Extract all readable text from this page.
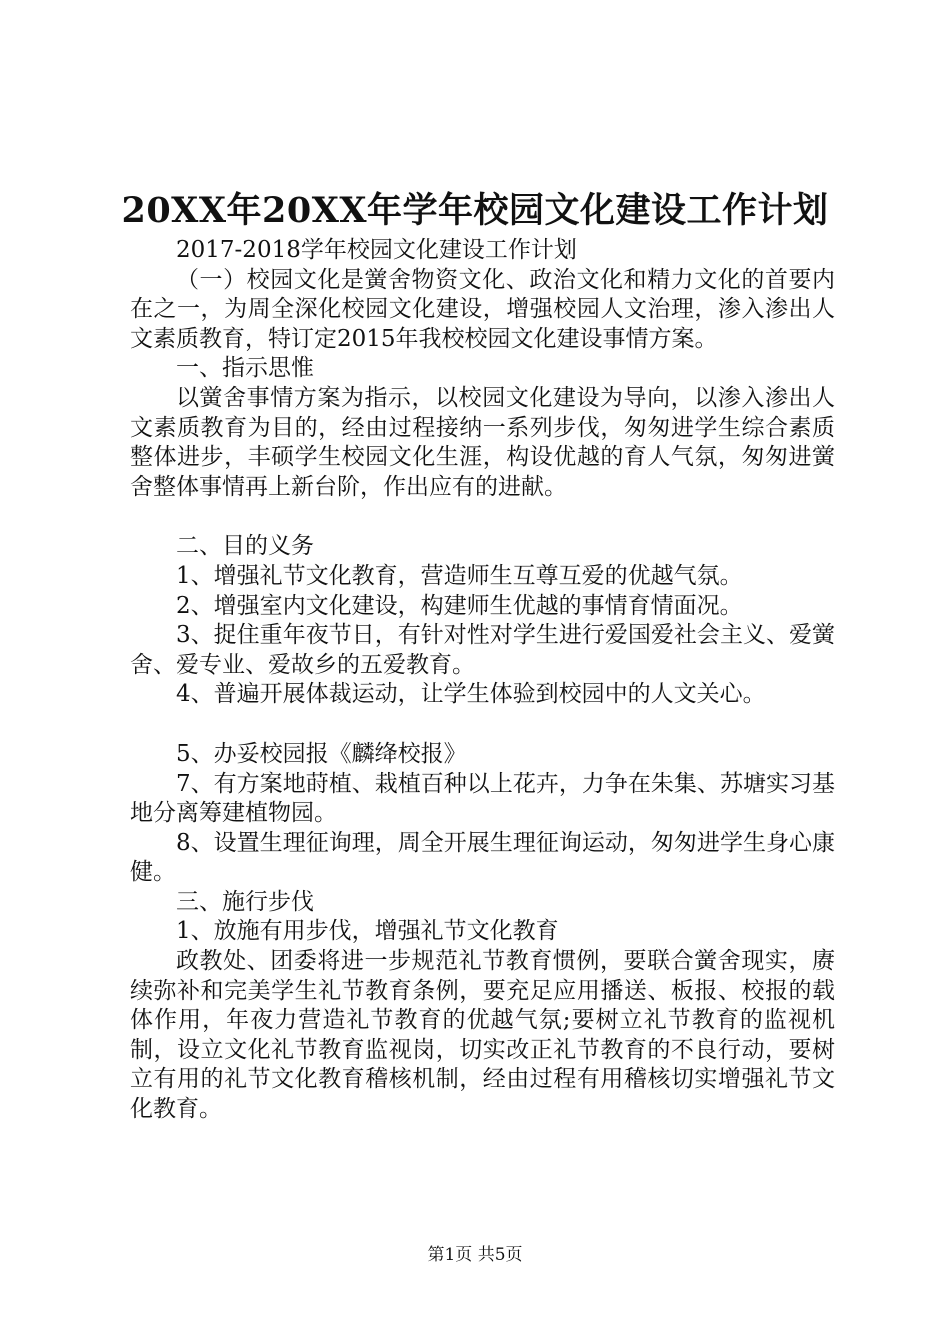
20XX年20XX年学年校园文化建设工作计划

2017-2018学年校园文化建设工作计划

（一）校园文化是黉舍物资文化、政治文化和精力文化的首要内在之一，为周全深化校园文化建设，增强校园人文治理，渗入渗出人文素质教育，特订定2015年我校校园文化建设事情方案。

一、指示思惟

以黉舍事情方案为指示，以校园文化建设为导向，以渗入渗出人文素质教育为目的，经由过程接纳一系列步伐，匆匆进学生综合素质整体进步，丰硕学生校园文化生涯，构设优越的育人气氛，匆匆进黉舍整体事情再上新台阶，作出应有的进献。

二、目的义务

1、增强礼节文化教育，营造师生互尊互爱的优越气氛。

2、增强室内文化建设，构建师生优越的事情育情面况。

3、捉住重年夜节日，有针对性对学生进行爱国爱社会主义、爱黉舍、爱专业、爱故乡的五爱教育。

4、普遍开展体裁运动，让学生体验到校园中的人文关心。

5、办妥校园报《麟绛校报》

7、有方案地莳植、栽植百种以上花卉，力争在朱集、苏塘实习基地分离筹建植物园。

8、设置生理征询理，周全开展生理征询运动，匆匆进学生身心康健。

三、施行步伐

1、放施有用步伐，增强礼节文化教育

政教处、团委将进一步规范礼节教育惯例，要联合黉舍现实，赓续弥补和完美学生礼节教育条例，要充足应用播送、板报、校报的载体作用，年夜力营造礼节教育的优越气氛;要树立礼节教育的监视机制，设立文化礼节教育监视岗，切实改正礼节教育的不良行动，要树立有用的礼节文化教育稽核机制，经由过程有用稽核切实增强礼节文化教育。

第1页 共5页
